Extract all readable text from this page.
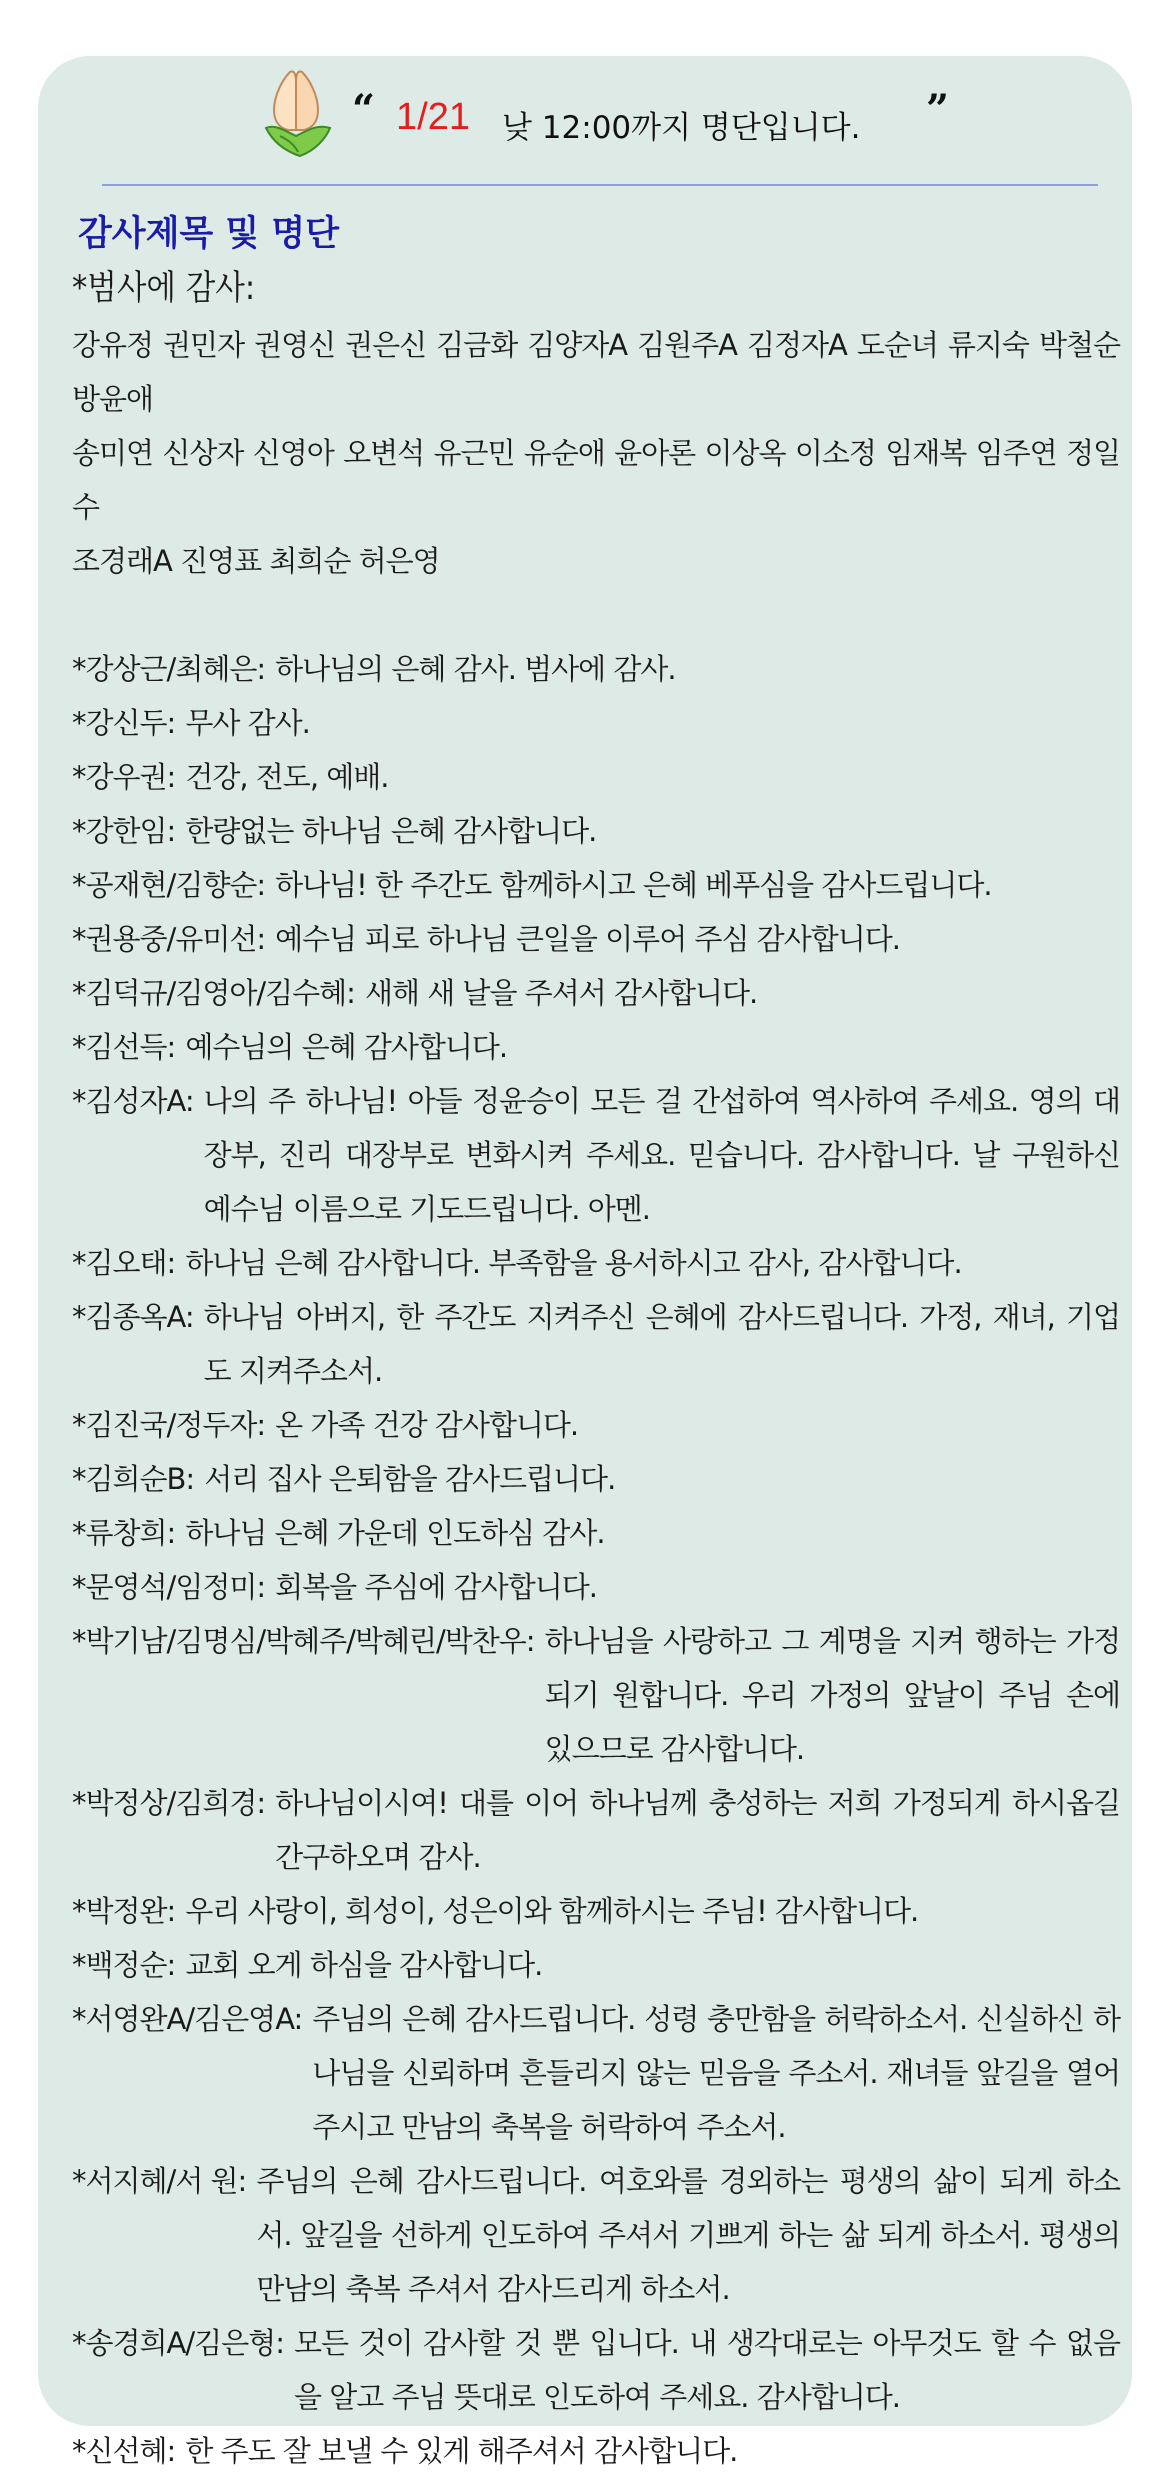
“ 1/21 낮 12:00까지 명단입니다. ”
감사제목 및 명단
*범사에 감사:
강유정 권민자 권영신 권은신 김금화 김양자A 김원주A 김정자A 도순녀 류지숙 박철순 방윤애
송미연 신상자 신영아 오변석 유근민 유순애 윤아론 이상옥 이소정 임재복 임주연 정일수
조경래A 진영표 최희순 허은영
*강상근/최혜은: 하나님의 은혜 감사. 범사에 감사.
*강신두: 무사 감사.
*강우권: 건강, 전도, 예배.
*강한임: 한량없는 하나님 은혜 감사합니다.
*공재현/김향순: 하나님! 한 주간도 함께하시고 은혜 베푸심을 감사드립니다.
*권용중/유미선: 예수님 피로 하나님 큰일을 이루어 주심 감사합니다.
*김덕규/김영아/김수혜: 새해 새 날을 주셔서 감사합니다.
*김선득: 예수님의 은혜 감사합니다.
*김성자A: 나의 주 하나님! 아들 정윤승이 모든 걸 간섭하여 역사하여 주세요. 영의 대장부, 진리 대장부로 변화시켜 주세요. 믿습니다. 감사합니다. 날 구원하신 예수님 이름으로 기도드립니다. 아멘.
*김오태: 하나님 은혜 감사합니다. 부족함을 용서하시고 감사, 감사합니다.
*김종옥A: 하나님 아버지, 한 주간도 지켜주신 은혜에 감사드립니다. 가정, 재녀, 기업도 지켜주소서.
*김진국/정두자: 온 가족 건강 감사합니다.
*김희순B: 서리 집사 은퇴함을 감사드립니다.
*류창희: 하나님 은혜 가운데 인도하심 감사.
*문영석/임정미: 회복을 주심에 감사합니다.
*박기남/김명심/박혜주/박혜린/박찬우: 하나님을 사랑하고 그 계명을 지켜 행하는 가정되기 원합니다. 우리 가정의 앞날이 주님 손에 있으므로 감사합니다.
*박정상/김희경: 하나님이시여! 대를 이어 하나님께 충성하는 저희 가정되게 하시옵길 간구하오며 감사.
*박정완: 우리 사랑이, 희성이, 성은이와 함께하시는 주님! 감사합니다.
*백정순: 교회 오게 하심을 감사합니다.
*서영완A/김은영A: 주님의 은혜 감사드립니다. 성령 충만함을 허락하소서. 신실하신 하나님을 신뢰하며 흔들리지 않는 믿음을 주소서. 재녀들 앞길을 열어주시고 만남의 축복을 허락하여 주소서.
*서지혜/서 원: 주님의 은혜 감사드립니다. 여호와를 경외하는 평생의 삶이 되게 하소서. 앞길을 선하게 인도하여 주셔서 기쁘게 하는 삶 되게 하소서. 평생의 만남의 축복 주셔서 감사드리게 하소서.
*송경희A/김은형: 모든 것이 감사할 것 뿐 입니다. 내 생각대로는 아무것도 할 수 없음을 알고 주님 뜻대로 인도하여 주세요. 감사합니다.
*신선혜: 한 주도 잘 보낼 수 있게 해주셔서 감사합니다.
